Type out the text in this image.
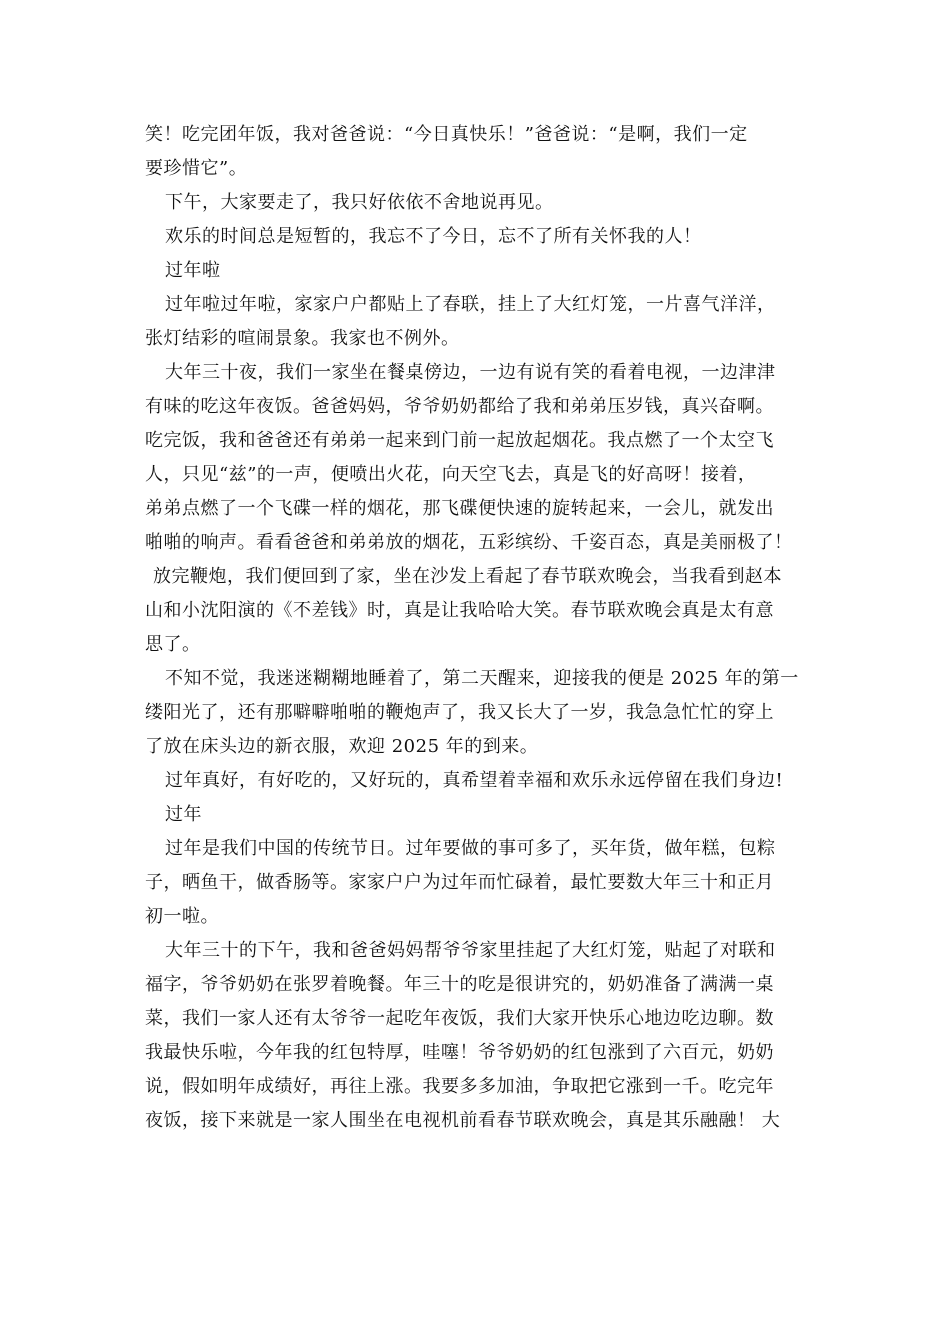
笑！吃完团年饭，我对爸爸说：“今日真快乐！”爸爸说：“是啊，我们一定
要珍惜它”。
下午，大家要走了，我只好依依不舍地说再见。
欢乐的时间总是短暂的，我忘不了今日，忘不了所有关怀我的人！
过年啦
过年啦过年啦，家家户户都贴上了春联，挂上了大红灯笼，一片喜气洋洋，
张灯结彩的喧闹景象。我家也不例外。
大年三十夜，我们一家坐在餐桌傍边，一边有说有笑的看着电视，一边津津
有味的吃这年夜饭。爸爸妈妈，爷爷奶奶都给了我和弟弟压岁钱，真兴奋啊。
吃完饭，我和爸爸还有弟弟一起来到门前一起放起烟花。我点燃了一个太空飞
人，只见“兹”的一声，便喷出火花，向天空飞去，真是飞的好高呀！接着，
弟弟点燃了一个飞碟一样的烟花，那飞碟便快速的旋转起来，一会儿，就发出
啪啪的响声。看看爸爸和弟弟放的烟花，五彩缤纷、千姿百态，真是美丽极了！
放完鞭炮，我们便回到了家，坐在沙发上看起了春节联欢晚会，当我看到赵本
山和小沈阳演的《不差钱》时，真是让我哈哈大笑。春节联欢晚会真是太有意
思了。
不知不觉，我迷迷糊糊地睡着了，第二天醒来，迎接我的便是 2025 年的第一
缕阳光了，还有那噼噼啪啪的鞭炮声了，我又长大了一岁，我急急忙忙的穿上
了放在床头边的新衣服，欢迎 2025 年的到来。
过年真好，有好吃的，又好玩的，真希望着幸福和欢乐永远停留在我们身边!
过年
过年是我们中国的传统节日。过年要做的事可多了，买年货，做年糕，包粽
子，晒鱼干，做香肠等。家家户户为过年而忙碌着，最忙要数大年三十和正月
初一啦。
大年三十的下午，我和爸爸妈妈帮爷爷家里挂起了大红灯笼，贴起了对联和
福字，爷爷奶奶在张罗着晚餐。年三十的吃是很讲究的，奶奶准备了满满一桌
菜，我们一家人还有太爷爷一起吃年夜饭，我们大家开快乐心地边吃边聊。数
我最快乐啦，今年我的红包特厚，哇噻！爷爷奶奶的红包涨到了六百元，奶奶
说，假如明年成绩好，再往上涨。我要多多加油，争取把它涨到一千。吃完年
夜饭，接下来就是一家人围坐在电视机前看春节联欢晚会，真是其乐融融！ 大
